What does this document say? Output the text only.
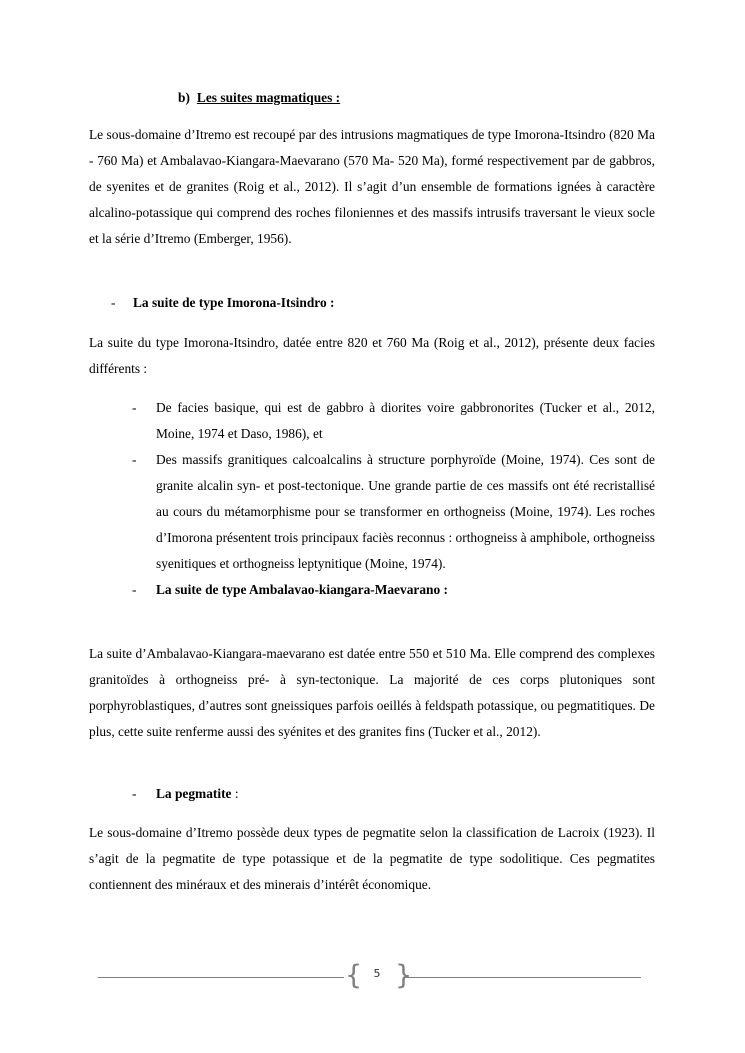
b) Les suites magmatiques :

Le sous-domaine d’Itremo est recoupé par des intrusions magmatiques de type Imorona-Itsindro (820 Ma - 760 Ma) et Ambalavao-Kiangara-Maevarano (570 Ma- 520 Ma), formé respectivement par de gabbros, de syenites et de granites (Roig et al., 2012). Il s’agit d’un ensemble de formations ignées à caractère alcalino-potassique qui comprend des roches filoniennes et des massifs intrusifs traversant le vieux socle et la série d’Itremo (Emberger, 1956).

- La suite de type Imorona-Itsindro :

La suite du type Imorona-Itsindro, datée entre 820 et 760 Ma (Roig et al., 2012), présente deux facies différents :

- De facies basique, qui est de gabbro à diorites voire gabbronorites (Tucker et al., 2012, Moine, 1974 et Daso, 1986), et
- Des massifs granitiques calcoalcalins à structure porphyroïde (Moine, 1974). Ces sont de granite alcalin syn- et post-tectonique. Une grande partie de ces massifs ont été recristallisé au cours du métamorphisme pour se transformer en orthogneiss (Moine, 1974). Les roches d’Imorona présentent trois principaux faciès reconnus : orthogneiss à amphibole, orthogneiss syenitiques et orthogneiss leptynitique (Moine, 1974).
- La suite de type Ambalavao-kiangara-Maevarano :

La suite d’Ambalavao-Kiangara-maevarano est datée entre 550 et 510 Ma. Elle comprend des complexes granitoïdes à orthogneiss pré- à syn-tectonique. La majorité de ces corps plutoniques sont porphyroblastiques, d’autres sont gneissiques parfois oeillés à feldspath potassique, ou pegmatitiques. De plus, cette suite renferme aussi des syénites et des granites fins (Tucker et al., 2012).

- La pegmatite :

Le sous-domaine d’Itremo possède deux types de pegmatite selon la classification de Lacroix (1923). Il s’agit de la pegmatite de type potassique et de la pegmatite de type sodolitique. Ces pegmatites contiennent des minéraux et des minerais d’intérêt économique.

{	5 }
